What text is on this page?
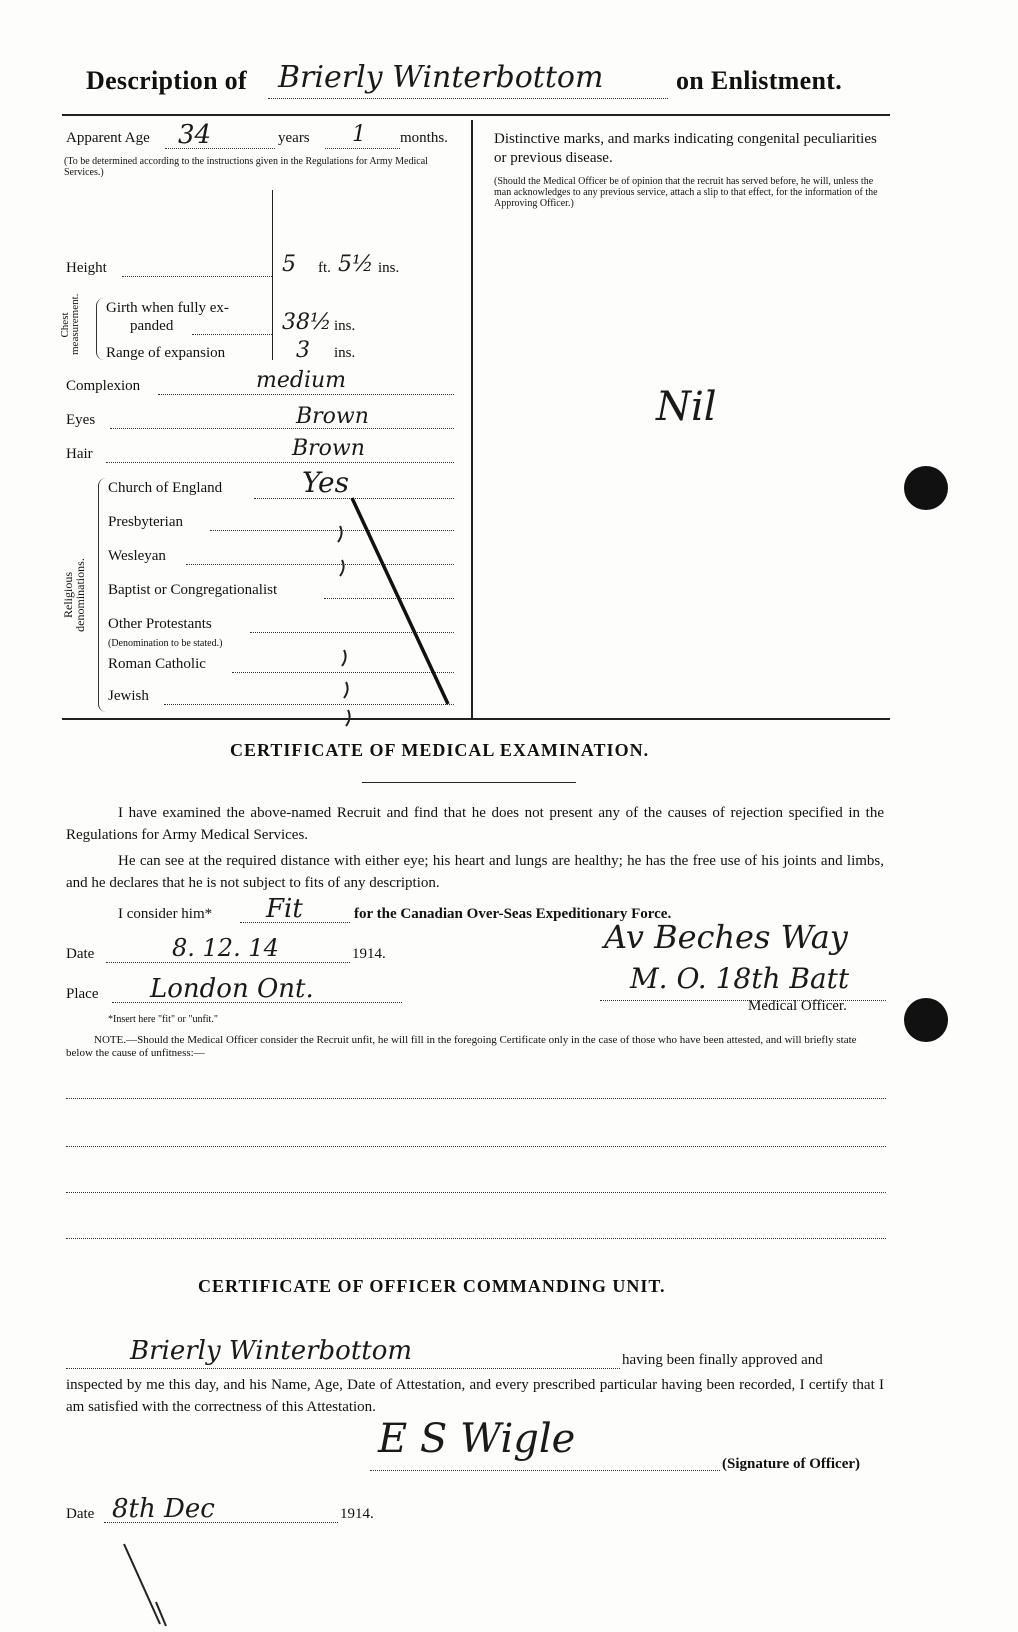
Description of Brierly Winterbottom	on Enlistment.
Apparent Age 34	years 1 months.
(To be determined according to the instructions given in the Regulations for Army Medical Services.)
Height	5 ft. 5½ ins.
Chest measurement. Girth when fully ex-
panded	38½ ins.
Range of expansion	3 ins.
Complexion	medium
Eyes	Brown
Hair	Brown
Religious denominations.
Church of England	Yes
Presbyterian
Wesleyan
Baptist or Congregationalist
Other Protestants
(Denomination to be stated.)
Roman Catholic
Jewish
Distinctive marks, and marks indicating congenital peculiarities or previous disease.
(Should the Medical Officer be of opinion that the recruit has served before, he will, unless the man acknowledges to any previous service, attach a slip to that effect, for the information of the Approving Officer.)
Nil
CERTIFICATE OF MEDICAL EXAMINATION.
I have examined the above-named Recruit and find that he does not present any of the causes of rejection specified in the Regulations for Army Medical Services.
He can see at the required distance with either eye; his heart and lungs are healthy; he has the free use of his joints and limbs, and he declares that he is not subject to fits of any description.
I consider him* Fit	for the Canadian Over-Seas Expeditionary Force.
Date	8. 12. 14	1914.
Place London Ont.
Av Beches Way
M. O. 18th Batt
Medical Officer.
*Insert here "fit" or "unfit."
NOTE.—Should the Medical Officer consider the Recruit unfit, he will fill in the foregoing Certificate only in the case of those who have been attested, and will briefly state below the cause of unfitness:—
CERTIFICATE OF OFFICER COMMANDING UNIT.
Brierly Winterbottom	having been finally approved and
inspected by me this day, and his Name, Age, Date of Attestation, and every prescribed particular having been recorded, I certify that I am satisfied with the correctness of this Attestation.
E S Wigle
(Signature of Officer)
Date 8th Dec	1914.
